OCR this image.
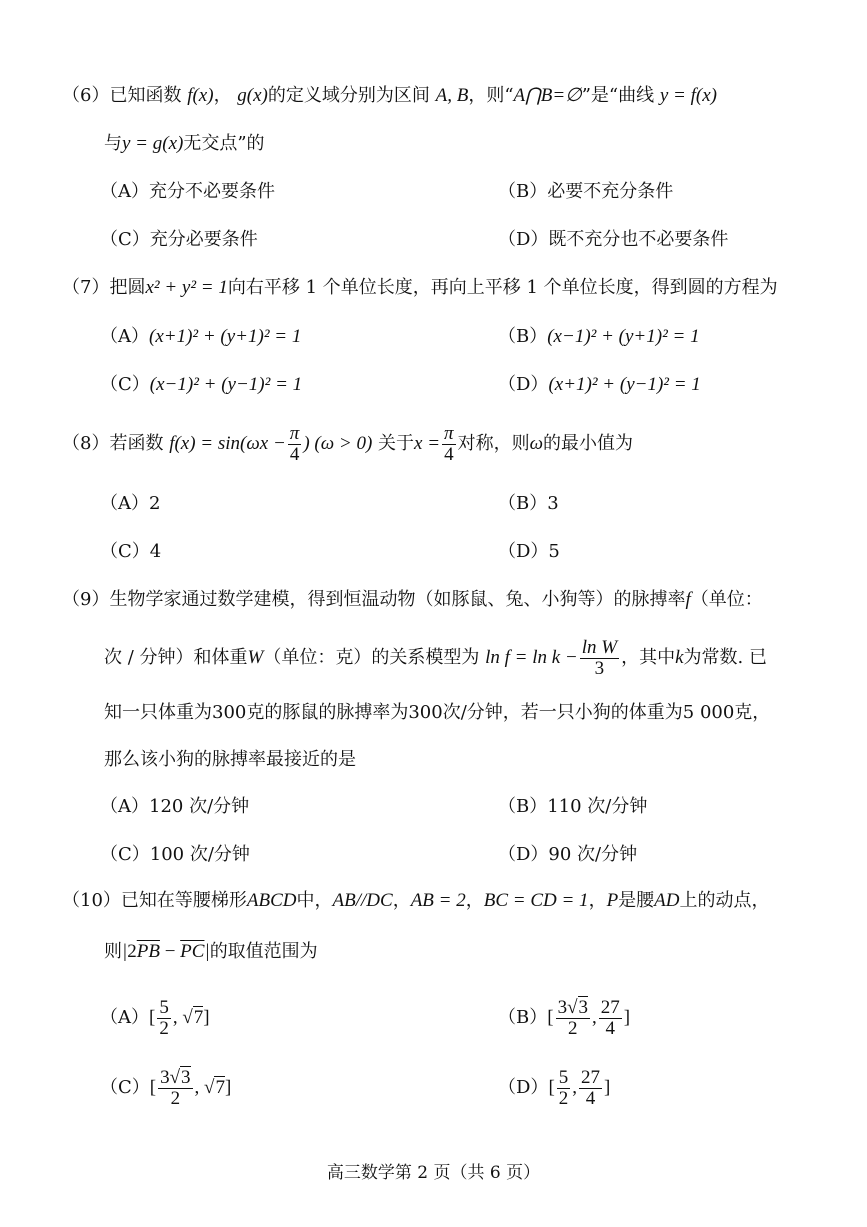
（6）已知函数 f(x)， g(x)的定义域分别为区间 A, B，则“A⋂B=∅”是“曲线 y = f(x)
与y = g(x)无交点”的
（A）充分不必要条件	（B）必要不充分条件
（C）充分必要条件	（D）既不充分也不必要条件
（7）把圆x² + y² = 1向右平移 1 个单位长度，再向上平移 1 个单位长度，得到圆的方程为
（A）(x+1)² + (y+1)² = 1	（B）(x−1)² + (y+1)² = 1
（C）(x−1)² + (y−1)² = 1	（D）(x+1)² + (y−1)² = 1
（8）若函数 $f(x) = \sin(\omega x - \frac{\pi}{4}$ ) (ω > 0) 关于$x = \frac{\pi}{4}$ 对称，则ω的最小值为
（A）2	（B）3
（C）4	（D）5
（9）生物学家通过数学建模，得到恒温动物（如豚鼠、兔、小狗等）的脉搏率f（单位：
次 / 分钟）和体重W（单位：克）的关系模型为 $\ln f = \ln k - \frac{\text{ln W}}{3}$ ，其中k为常数. 已
知一只体重为300克的豚鼠的脉搏率为300次/分钟，若一只小狗的体重为5 000克，
那么该小狗的脉搏率最接近的是
（A）120 次/分钟	（B）110 次/分钟
（C）100 次/分钟	（D）90 次/分钟
（10）已知在等腰梯形ABCD中，AB//DC，AB = 2，BC = CD = 1，P是腰AD上的动点，
则$|2\overline{PB} - \overline{PC}|$的取值范围为
$(A)[ \frac{5}{2}$ , √7]	$(B)[ \frac{3√3}{2}$ , $\frac{27}{4}$ ]
$(C)[ \frac{3√3}{2}$ , √7]	$(D)[ \frac{5}{2}$ , $\frac{27}{4}$ ]
高三数学第 2 页（共 6 页）
